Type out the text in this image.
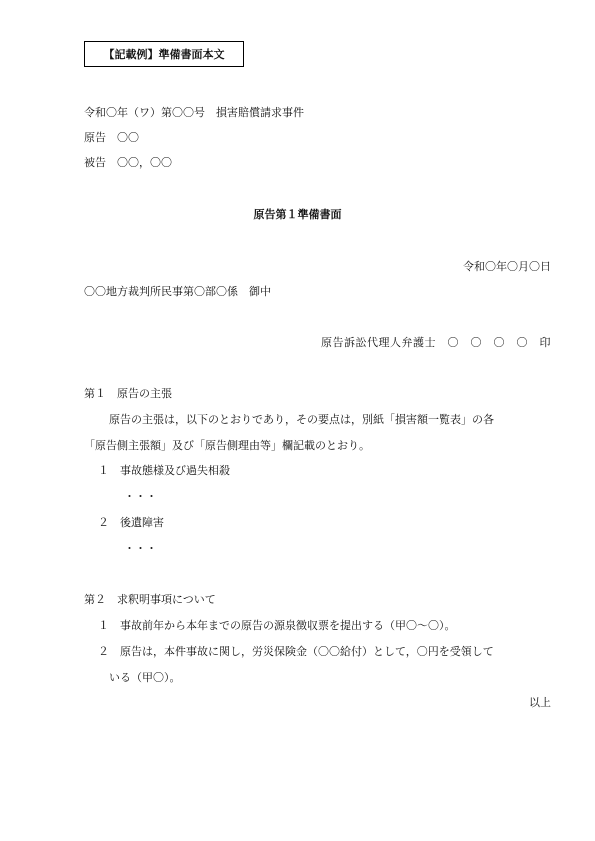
【記載例】準備書面本文
令和〇年（ワ）第〇〇号　損害賠償請求事件
原告　〇〇
被告　〇〇，〇〇
原告第１準備書面
令和〇年〇月〇日
〇〇地方裁判所民事第〇部〇係　御中
原告訴訟代理人弁護士　〇　〇　〇　〇　印
第１　原告の主張
原告の主張は，以下のとおりであり，その要点は，別紙「損害額一覧表」の各
「原告側主張額」及び「原告側理由等」欄記載のとおり。
１　事故態様及び過失相殺
・・・
２　後遺障害
・・・
第２　求釈明事項について
１　事故前年から本年までの原告の源泉徴収票を提出する（甲〇～〇）。
２　原告は，本件事故に関し，労災保険金（〇〇給付）として，〇円を受領して
いる（甲〇）。
以上
